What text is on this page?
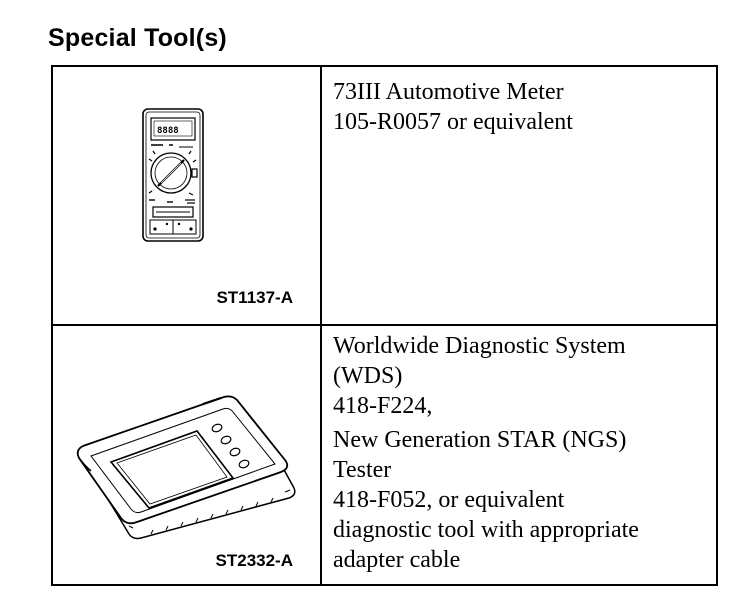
Special Tool(s)
8888
ST1137-A
73III Automotive Meter
105-R0057 or equivalent
ST2332-A
Worldwide Diagnostic System
(WDS)
418-F224,
New Generation STAR (NGS)
Tester
418-F052, or equivalent
diagnostic tool with appropriate
adapter cable
